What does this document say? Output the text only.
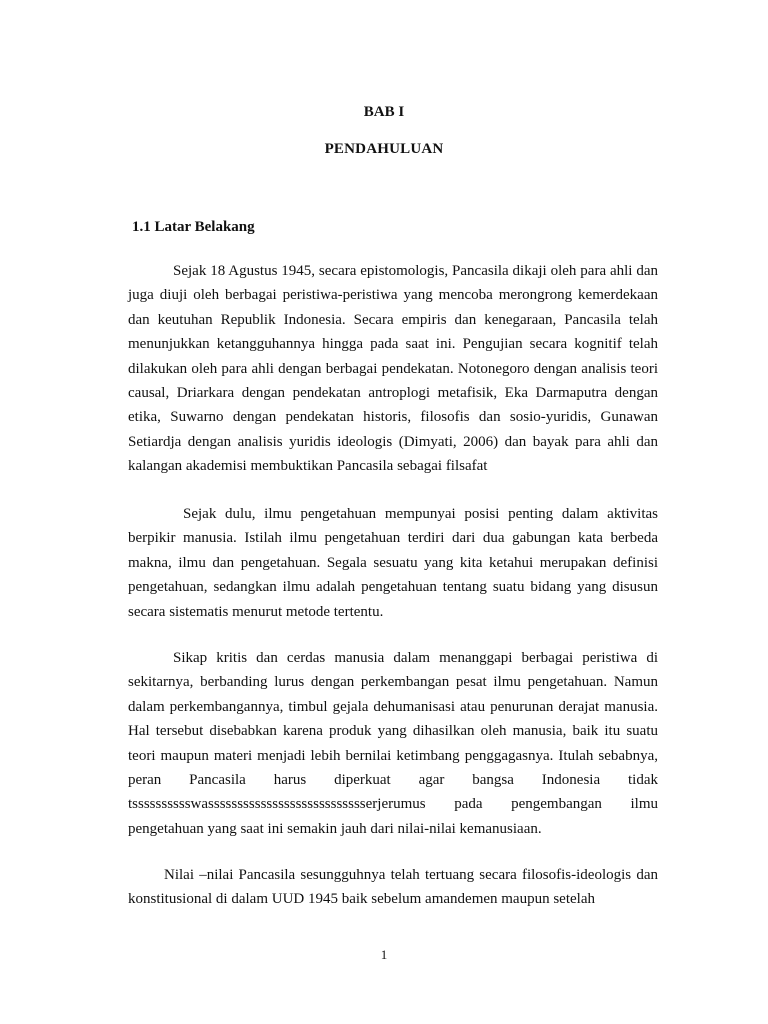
BAB I
PENDAHULUAN
1.1 Latar Belakang

Sejak 18 Agustus 1945, secara epistomologis, Pancasila dikaji oleh para ahli dan juga diuji oleh berbagai peristiwa-peristiwa yang mencoba merongrong kemerdekaan dan keutuhan Republik Indonesia. Secara empiris dan kenegaraan, Pancasila telah menunjukkan ketangguhannya hingga pada saat ini. Pengujian secara kognitif telah dilakukan oleh para ahli dengan berbagai pendekatan. Notonegoro dengan analisis teori causal, Driarkara dengan pendekatan antroplogi metafisik, Eka Darmaputra dengan etika, Suwarno dengan pendekatan historis, filosofis dan sosio-yuridis, Gunawan Setiardja dengan analisis yuridis ideologis (Dimyati, 2006) dan bayak para ahli dan kalangan akademisi membuktikan Pancasila sebagai filsafat

Sejak dulu, ilmu pengetahuan mempunyai posisi penting dalam aktivitas berpikir manusia. Istilah ilmu pengetahuan terdiri dari dua gabungan kata berbeda makna, ilmu dan pengetahuan. Segala sesuatu yang kita ketahui merupakan definisi pengetahuan, sedangkan ilmu adalah pengetahuan tentang suatu bidang yang disusun secara sistematis menurut metode tertentu.

Sikap kritis dan cerdas manusia dalam menanggapi berbagai peristiwa di sekitarnya, berbanding lurus dengan perkembangan pesat ilmu pengetahuan. Namun dalam perkembangannya, timbul gejala dehumanisasi atau penurunan derajat manusia. Hal tersebut disebabkan karena produk yang dihasilkan oleh manusia, baik itu suatu teori maupun materi menjadi lebih bernilai ketimbang penggagasnya. Itulah sebabnya, peran Pancasila harus diperkuat agar bangsa Indonesia tidak tsssssssssswassssssssssssssssssssssssssserjerumus pada pengembangan ilmu pengetahuan yang saat ini semakin jauh dari nilai-nilai kemanusiaan.

Nilai –nilai Pancasila sesungguhnya telah tertuang secara filosofis-ideologis dan konstitusional di dalam UUD 1945 baik sebelum amandemen maupun setelah

1
